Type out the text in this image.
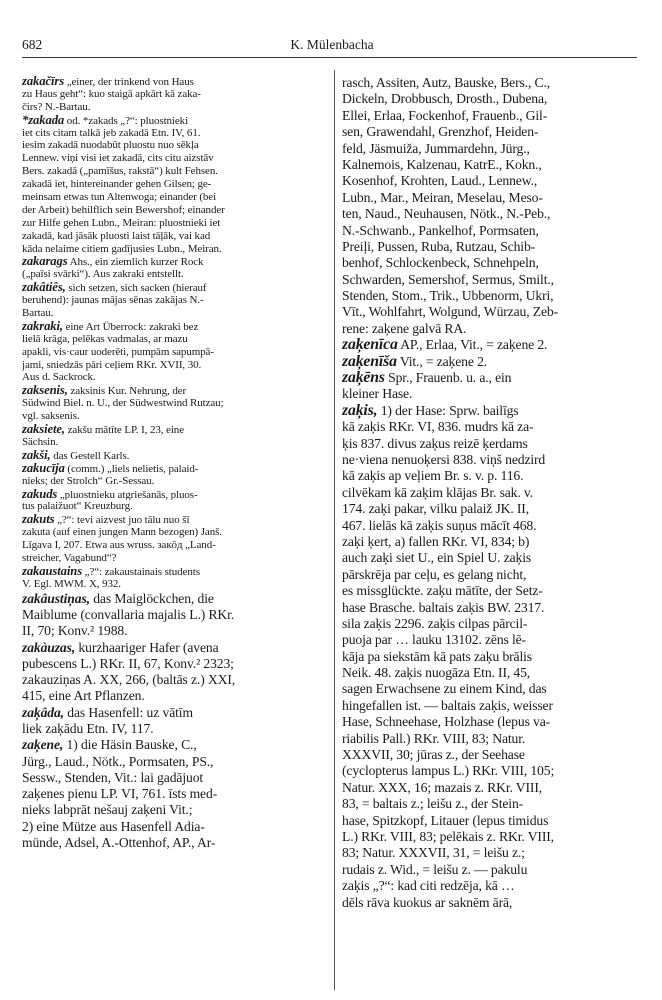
682	K. Mülenbacha
zakačīrs „einer, der trinkend von Haus
zu Haus geht“: kuo staigā apkārt kā zaka-
čirs? N.-Bartau.
*zakada od. *zakads „?“: pluostnieki
iet cits citam talkā jeb zakadā Etn. IV, 61.
iesim zakadā nuodabūt pluostu nuo sēkļa
Lennew. viņi visi iet zakadā, cits citu aizstāv
Bers. zakadā („pamīšus, rakstā“) kult Fehsen.
zakadā iet, hintereinander gehen Gilsen; ge-
meinsam etwas tun Altenwoga; einander (bei
der Arbeit) behilflich sein Bewershof; einander
zur Hilfe gehen Lubn., Meiran: pluostnieki iet
zakadā, kad jāsāk pluosti laist tāļāk, vai kad
kāda nelaime citiem gadījusies Lubn., Meiran.
zakarags Ahs., ein ziemlich kurzer Rock
(„paīsi svārki“). Aus zakraki entstellt.
zakâtiês, sich setzen, sich sacken (hierauf
beruhend): jaunas mājas sēnas zakājas N.-
Bartau.
zakraki, eine Art Überrock: zakraki bez
lielā krāga, pelēkas vadmalas, ar mazu
apakli, vis·caur uoderēti, pumpām sapumpā-
jami, sniedzās pāri ceļiem RKr. XVII, 30.
Aus d. Sackrock.
zaksenis, zaksinis Kur. Nehrung, der
Südwind Biel. n. U., der Südwestwind Rutzau;
vgl. saksenis.
zaksiete, zakšu mātīte LP. I, 23, eine
Sächsin.
zakši, das Gestell Karls.
zakucīja (comm.) „liels nelietis, palaid-
nieks; der Strolch“ Gr.-Sessau.
zakuds „pluostnieku atgriešanās, pluos-
tus palaižuot“ Kreuzburg.
zakuts „?“: tevi aizvest juo tālu nuo šī
zakuta (auf einen jungen Mann bezogen) Janš.
Līgava I, 207. Etwa aus wruss. закōд „Land-
streicher, Vagabund“?
zakaustains „?“: zakaustainais students
V. Egl. MWM. X, 932.
zakâustiņas, das Maiglöckchen, die
Maiblume (convallaria majalis L.) RKr.
II, 70; Konv.² 1988.
zakàuzas, kurzhaariger Hafer (avena
pubescens L.) RKr. II, 67, Konv.² 2323;
zakauziņas A. XX, 266, (baltās z.) XXI,
415, eine Art Pflanzen.
zaķâda, das Hasenfell: uz vātīm
liek zaķādu Etn. IV, 117.
zaķene, 1) die Häsin Bauske, C.,
Jürg., Laud., Nötk., Pormsaten, PS.,
Sessw., Stenden, Vit.: lai gadājuot
zaķenes pienu LP. VI, 761. īsts med-
nieks labprāt nešauj zaķeni Vit.;
2) eine Mütze aus Hasenfell Adia-
münde, Adsel, A.-Ottenhof, AP., Ar-
rasch, Assiten, Autz, Bauske, Bers., C.,
Dickeln, Drobbusch, Drosth., Dubena,
Ellei, Erlaa, Fockenhof, Frauenb., Gil-
sen, Grawendahl, Grenzhof, Heiden-
feld, Jäsmuiža, Jummardehn, Jürg.,
Kalnemois, Kalzenau, KatrE., Kokn.,
Kosenhof, Krohten, Laud., Lennew.,
Lubn., Mar., Meiran, Meselau, Meso-
ten, Naud., Neuhausen, Nötk., N.-Peb.,
N.-Schwanb., Pankelhof, Pormsaten,
Preiļi, Pussen, Ruba, Rutzau, Schib-
benhof, Schlockenbeck, Schnehpeln,
Schwarden, Semershof, Sermus, Smilt.,
Stenden, Stom., Trik., Ubbenorm, Ukri,
Vīt., Wohlfahrt, Wolgund, Würzau, Zeb-
rene: zaķene galvā RA.
zaķenīca AP., Erlaa, Vit., = zaķene 2.
zaķenīša Vit., = zaķene 2.
zaķēns Spr., Frauenb. u. a., ein
kleiner Hase.
zaķis, 1) der Hase: Sprw. bailīgs
kā zaķis RKr. VI, 836. mudrs kā za-
ķis 837. divus zaķus reizē ķerdams
ne·viena nenuoķersi 838. viņš nedzird
kā zaķis ap veļiem Br. s. v. p. 116.
cilvēkam kā zaķim klājas Br. sak. v.
174. zaķi pakar, vilku palaiž JK. II,
467. lielās kā zaķis suņus mācīt 468.
zaķi ķert, a) fallen RKr. VI, 834; b)
auch zaķi siet U., ein Spiel U. zaķis
pārskrēja par ceļu, es gelang nicht,
es missglückte. zaķu mātīte, der Setz-
hase Brasche. baltais zaķis BW. 2317.
sila zaķis 2296. zaķis cilpas pārcil-
puoja par … lauku 13102. zēns lē-
kāja pa siekstām kā pats zaķu brālis
Neik. 48. zaķis nuogāza Etn. II, 45,
sagen Erwachsene zu einem Kind, das
hingefallen ist. — baltais zaķis, weisser
Hase, Schneehase, Holzhase (lepus va-
riabilis Pall.) RKr. VIII, 83; Natur.
XXXVII, 30; jūras z., der Seehase
(cyclopterus lampus L.) RKr. VIII, 105;
Natur. XXX, 16; mazais z. RKr. VIII,
83, = baltais z.; leišu z., der Stein-
hase, Spitzkopf, Litauer (lepus timidus
L.) RKr. VIII, 83; pelēkais z. RKr. VIII,
83; Natur. XXXVII, 31, = leišu z.;
rudais z. Wid., = leišu z. — pakulu
zaķis „?“: kad citi redzēja, kā …
dēls rāva kuokus ar saknēm ārā,
